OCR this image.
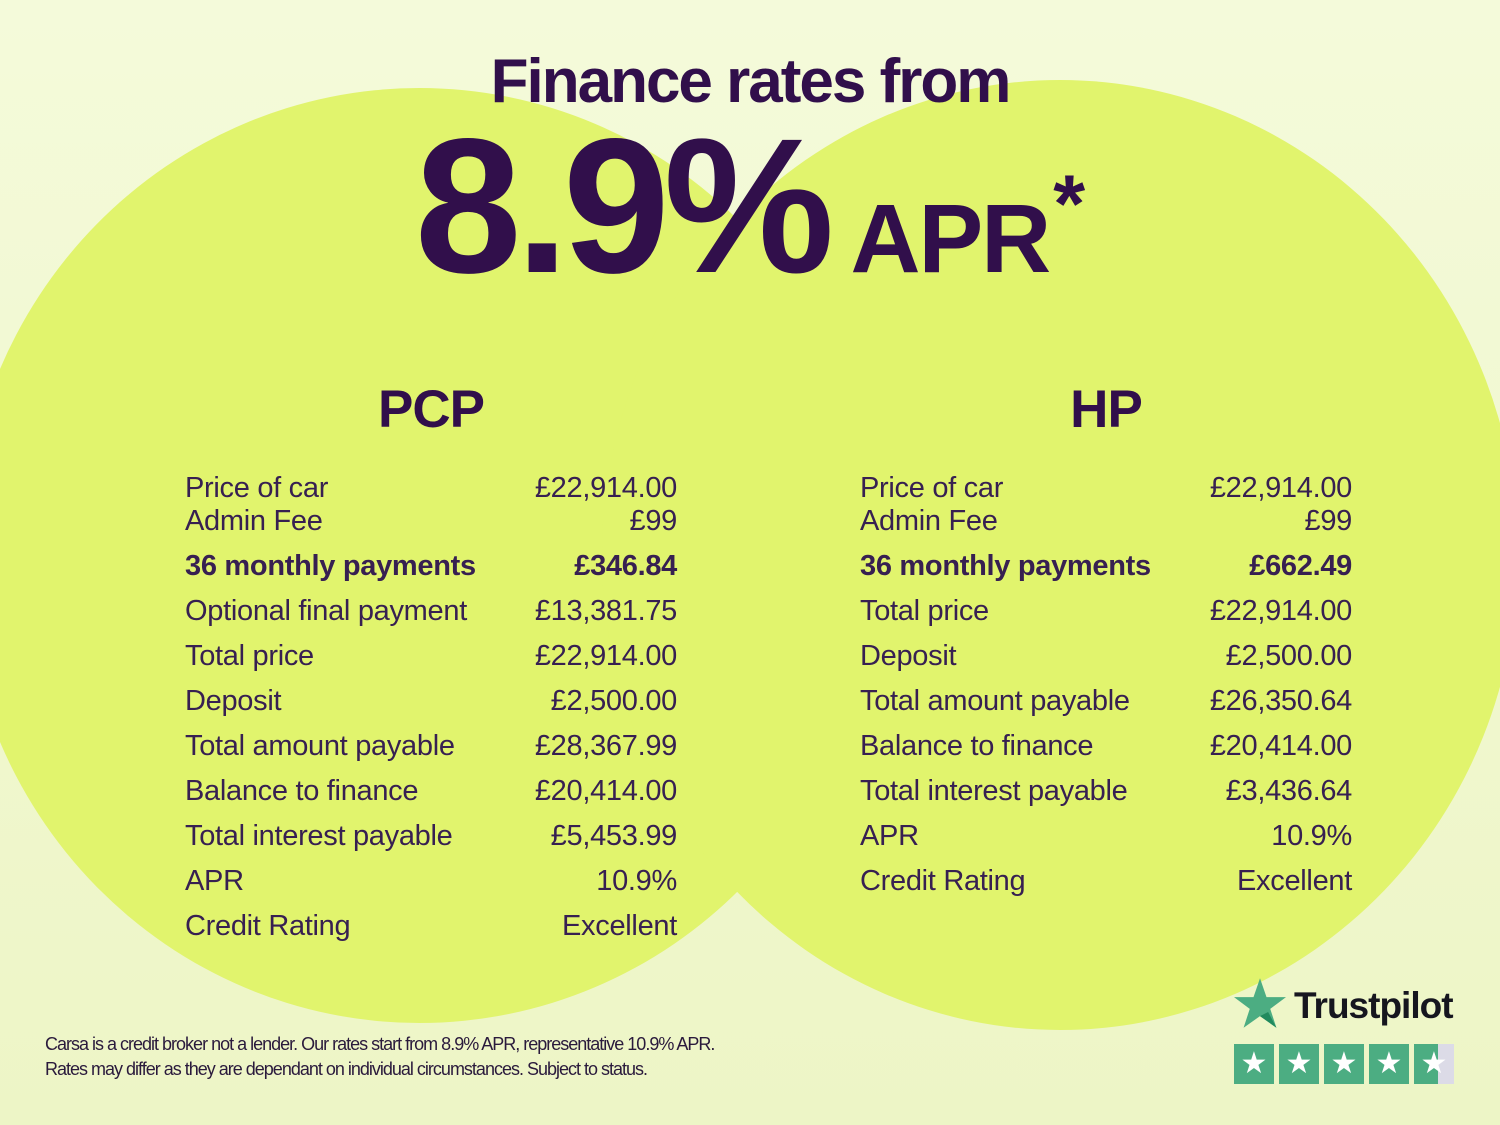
Finance rates from
8.9% APR *
PCP
Price of car	£22,914.00
Admin Fee	£99
36 monthly payments	£346.84
Optional final payment £13,381.75
Total price	£22,914.00
Deposit	£2,500.00
Total amount payable	£28,367.99
Balance to finance	£20,414.00
Total interest payable	£5,453.99
APR	10.9%
Credit Rating	Excellent
HP
Price of car	£22,914.00
Admin Fee	£99
36 monthly payments	£662.49
Total price	£22,914.00
Deposit	£2,500.00
Total amount payable	£26,350.64
Balance to finance	£20,414.00
Total interest payable	£3,436.64
APR	10.9%
Credit Rating	Excellent
Carsa is a credit broker not a lender. Our rates start from 8.9% APR, representative 10.9% APR.
Rates may differ as they are dependant on individual circumstances. Subject to status.
Trustpilot
★ ★ ★ ★ ★
